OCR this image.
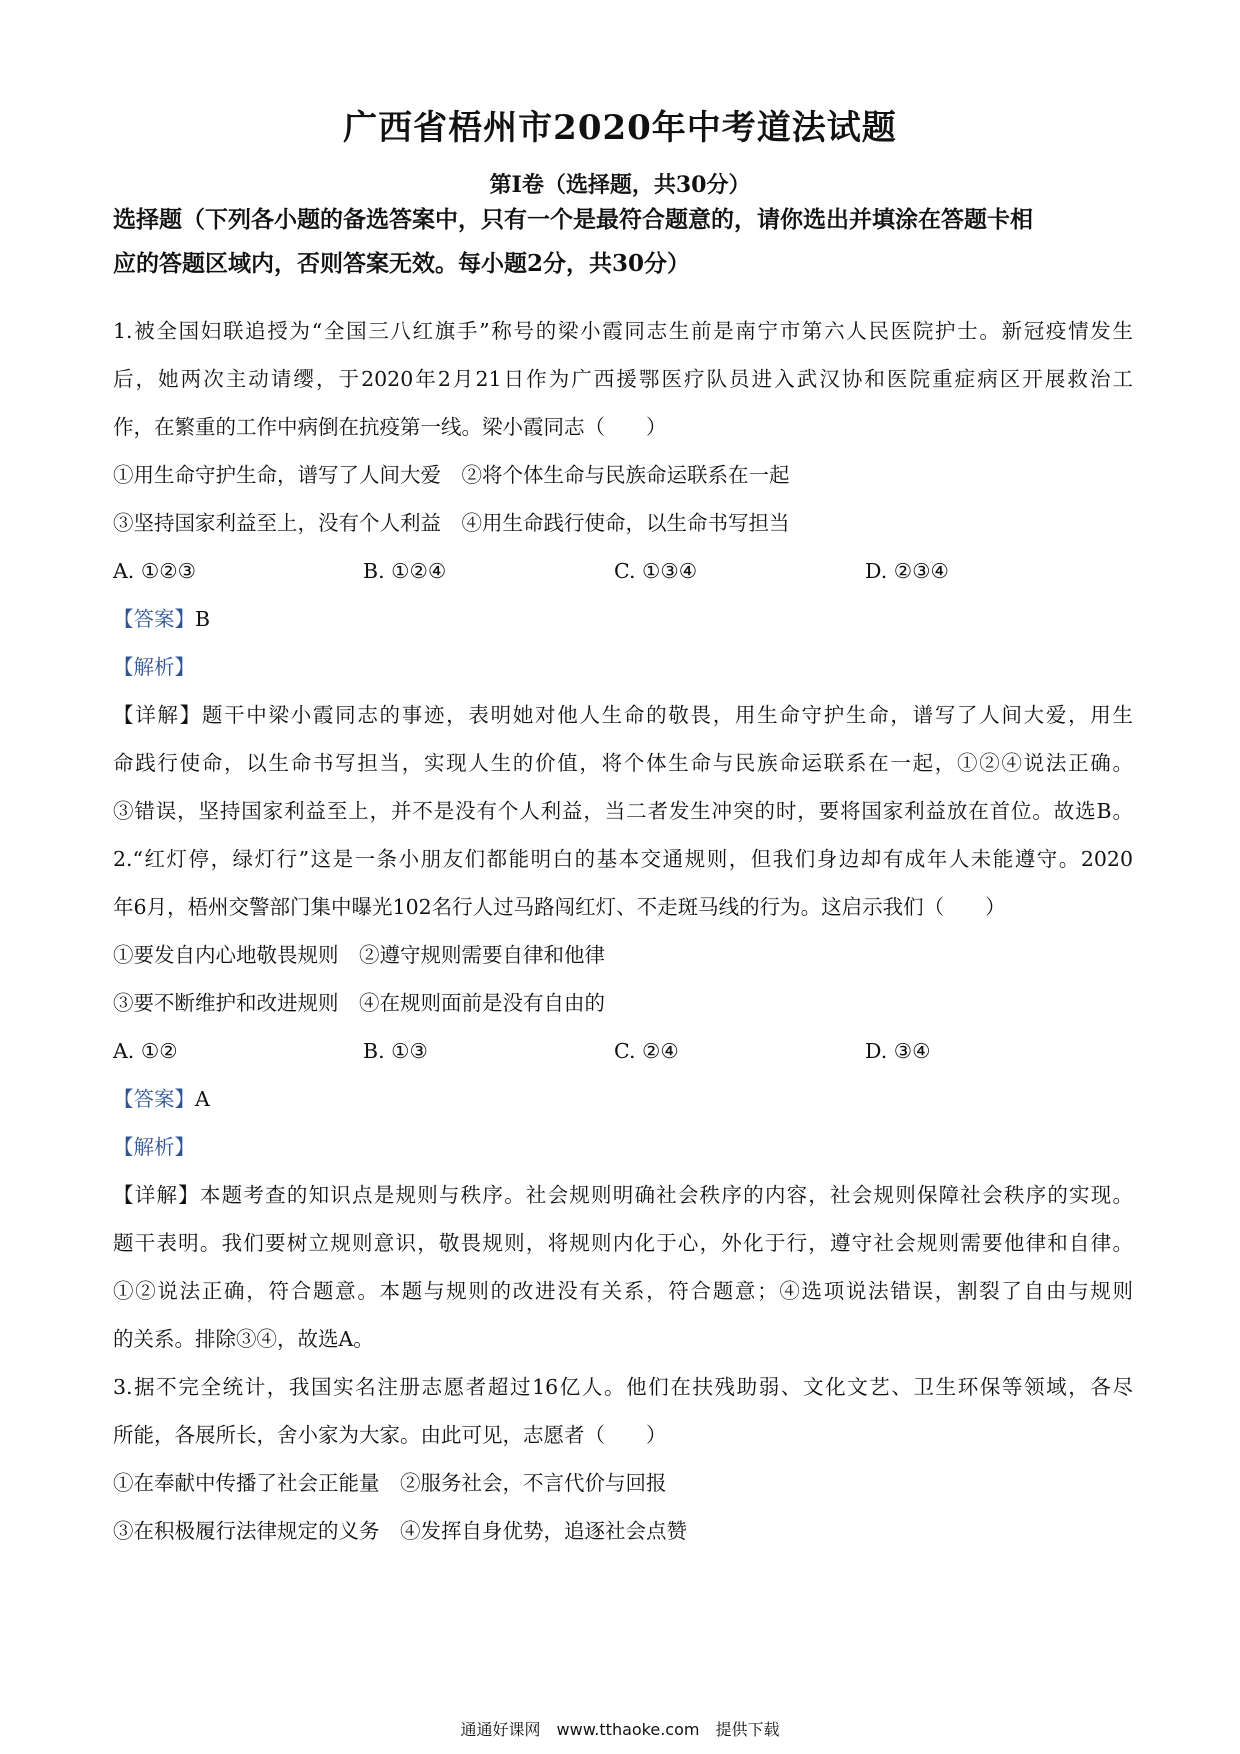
广西省梧州市2020年中考道法试题
第Ⅰ卷（选择题，共30分）
选择题（下列各小题的备选答案中，只有一个是最符合题意的，请你选出并填涂在答题卡相
应的答题区域内，否则答案无效。每小题2分，共30分）
1.被全国妇联追授为“全国三八红旗手”称号的梁小霞同志生前是南宁市第六人民医院护士。新冠疫情发生
后，她两次主动请缨，于2020年2月21日作为广西援鄂医疗队员进入武汉协和医院重症病区开展救治工
作，在繁重的工作中病倒在抗疫第一线。梁小霞同志（　　）
①用生命守护生命，谱写了人间大爱　②将个体生命与民族命运联系在一起
③坚持国家利益至上，没有个人利益　④用生命践行使命，以生命书写担当
A. ①②③	B. ①②④	C. ①③④	D. ②③④
【答案】B
【解析】
【详解】题干中梁小霞同志的事迹，表明她对他人生命的敬畏，用生命守护生命，谱写了人间大爱，用生
命践行使命，以生命书写担当，实现人生的价值，将个体生命与民族命运联系在一起，①②④说法正确。
③错误，坚持国家利益至上，并不是没有个人利益，当二者发生冲突的时，要将国家利益放在首位。故选B。
2.“红灯停，绿灯行”这是一条小朋友们都能明白的基本交通规则，但我们身边却有成年人未能遵守。2020
年6月，梧州交警部门集中曝光102名行人过马路闯红灯、不走斑马线的行为。这启示我们（　　）
①要发自内心地敬畏规则　②遵守规则需要自律和他律
③要不断维护和改进规则　④在规则面前是没有自由的
A. ①②	B. ①③	C. ②④	D. ③④
【答案】A
【解析】
【详解】本题考查的知识点是规则与秩序。社会规则明确社会秩序的内容，社会规则保障社会秩序的实现。
题干表明。我们要树立规则意识，敬畏规则，将规则内化于心，外化于行，遵守社会规则需要他律和自律。
①②说法正确，符合题意。本题与规则的改进没有关系，符合题意；④选项说法错误，割裂了自由与规则
的关系。排除③④，故选A。
3.据不完全统计，我国实名注册志愿者超过16亿人。他们在扶残助弱、文化文艺、卫生环保等领域，各尽
所能，各展所长，舍小家为大家。由此可见，志愿者（　　）
①在奉献中传播了社会正能量　②服务社会，不言代价与回报
③在积极履行法律规定的义务　④发挥自身优势，追逐社会点赞
通通好课网　www.tthaoke.com　提供下载
